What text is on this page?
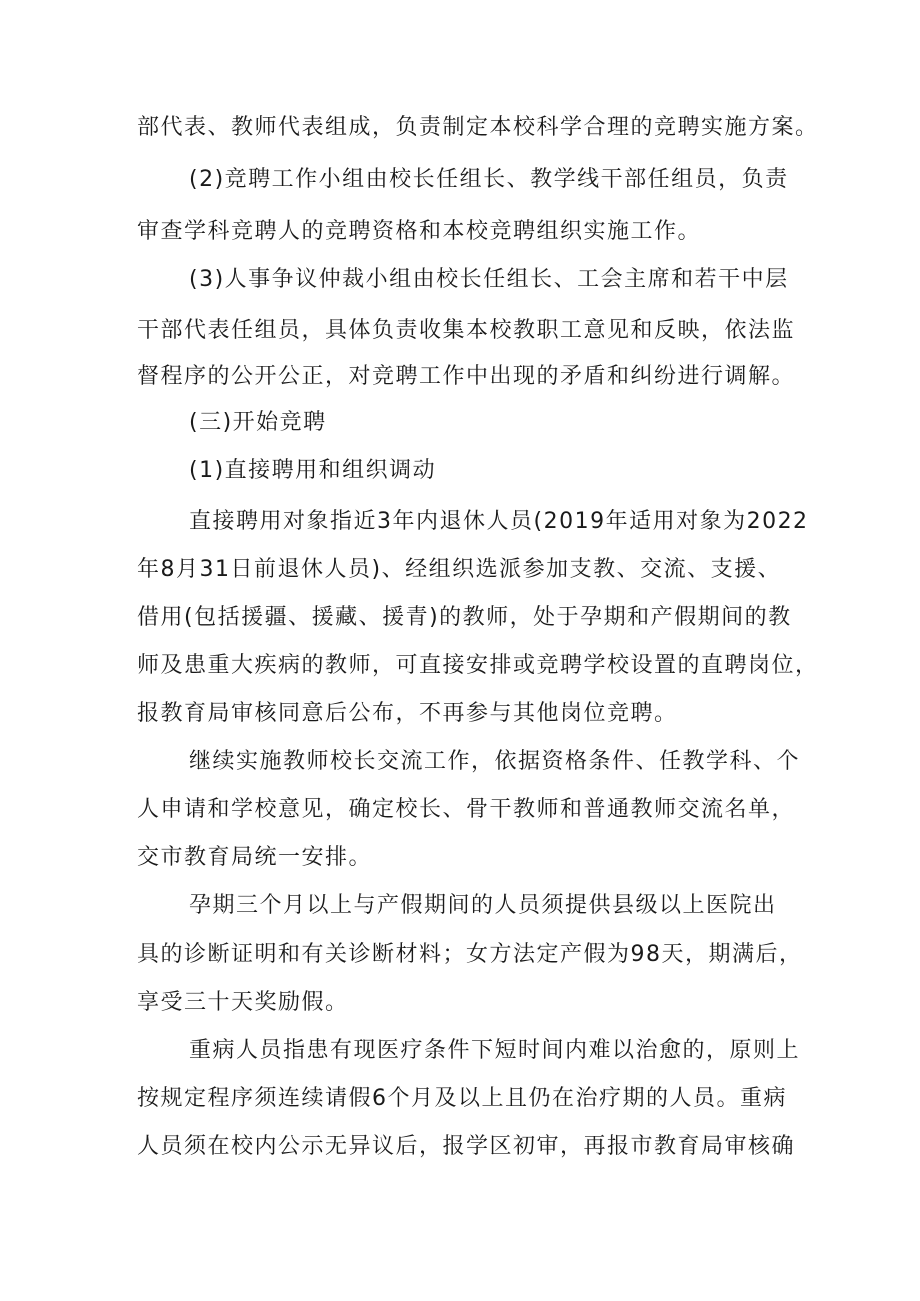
部代表、教师代表组成，负责制定本校科学合理的竞聘实施方案。
(2)竞聘工作小组由校长任组长、教学线干部任组员，负责
审查学科竞聘人的竞聘资格和本校竞聘组织实施工作。
(3)人事争议仲裁小组由校长任组长、工会主席和若干中层
干部代表任组员，具体负责收集本校教职工意见和反映，依法监
督程序的公开公正，对竞聘工作中出现的矛盾和纠纷进行调解。
(三)开始竞聘
(1)直接聘用和组织调动
直接聘用对象指近3年内退休人员(2019年适用对象为2022
年8月31日前退休人员)、经组织选派参加支教、交流、支援、
借用(包括援疆、援藏、援青)的教师，处于孕期和产假期间的教
师及患重大疾病的教师，可直接安排或竞聘学校设置的直聘岗位，
报教育局审核同意后公布，不再参与其他岗位竞聘。
继续实施教师校长交流工作，依据资格条件、任教学科、个
人申请和学校意见，确定校长、骨干教师和普通教师交流名单，
交市教育局统一安排。
孕期三个月以上与产假期间的人员须提供县级以上医院出
具的诊断证明和有关诊断材料；女方法定产假为98天，期满后，
享受三十天奖励假。
重病人员指患有现医疗条件下短时间内难以治愈的，原则上
按规定程序须连续请假6个月及以上且仍在治疗期的人员。重病
人员须在校内公示无异议后，报学区初审，再报市教育局审核确
